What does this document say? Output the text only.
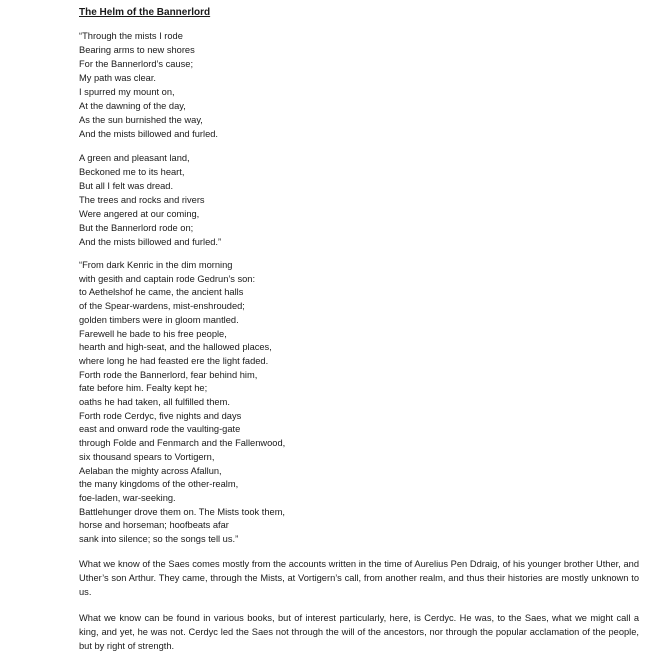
The Helm of the Bannerlord
“Through the mists I rode
Bearing arms to new shores
For the Bannerlord’s cause;
My path was clear.
I spurred my mount on,
At the dawning of the day,
As the sun burnished the way,
And the mists billowed and furled.
A green and pleasant land,
Beckoned me to its heart,
But all I felt was dread.
The trees and rocks and rivers
Were angered at our coming,
But the Bannerlord rode on;
And the mists billowed and furled.”
“From dark Kenric in the dim morning
with gesith and captain rode Gedrun’s son:
to Aethelshof he came, the ancient halls
of the Spear-wardens, mist-enshrouded;
golden timbers were in gloom mantled.
Farewell he bade to his free people,
hearth and high-seat, and the hallowed places,
where long he had feasted ere the light faded.
Forth rode the Bannerlord, fear behind him,
fate before him. Fealty kept he;
oaths he had taken, all fulfilled them.
Forth rode Cerdyc, five nights and days
east and onward rode the vaulting-gate
through Folde and Fenmarch and the Fallenwood,
six thousand spears to Vortigern,
Aelaban the mighty across Afallun,
the many kingdoms of the other-realm,
foe-laden, war-seeking.
Battlehunger drove them on. The Mists took them,
horse and horseman; hoofbeats afar
sank into silence; so the songs tell us.”

What we know of the Saes comes mostly from the accounts written in the time of Aurelius Pen Ddraig, of his younger brother Uther, and Uther’s son Arthur. They came, through the Mists, at Vortigern’s call, from another realm, and thus their histories are mostly unknown to us.

What we know can be found in various books, but of interest particularly, here, is Cerdyc. He was, to the Saes, what we might call a king, and yet, he was not. Cerdyc led the Saes not through the will of the ancestors, nor through the popular acclamation of the people, but by right of strength.
